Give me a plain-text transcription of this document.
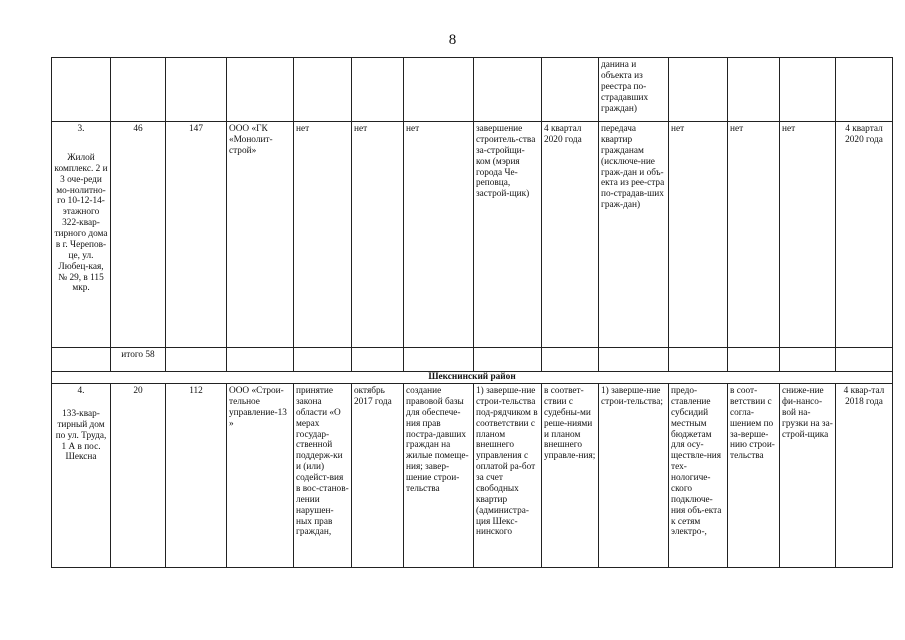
8
									данина и объекта из реестра по-страдавших граждан)				

3.
Жилой комплекс. 2 и 3 оче-реди мо-нолитно-го 10-12-14-этажного 322-квар-тирного дома в г. Черепов-це, ул. Любец-кая, № 29, в 115 мкр.	46	147	ООО «ГК «Монолит-строй»	нет	нет	нет	завершение строитель-ства за-стройщи-ком (мэрия города Че-реповца, застрой-щик)	4 квартал 2020 года	передача квартир гражданам (исключе-ние граж-дан и объ-екта из рее-стра по-страдав-ших граж-дан)	нет	нет	нет	4 квартал 2020 года
	итого 58												
Шекснинский район													

4.
133-квар-тирный дом по ул. Труда, 1 А в пос. Шексна	20	112	ООО «Строи-тельное управление-13»	принятие закона области «О мерах государ-ственной поддерж-ки и (или) содейст-вия в вос-станов-лении нарушен-ных прав граждан,	октябрь 2017 года	создание правовой базы для обеспече-ния прав постра-давших граждан на жилые помеще-ния; завер-шение строи-тельства	1) заверше-ние строи-тельства под-рядчиком в соответствии с планом внешнего управления с оплатой ра-бот за счет свободных квартир (администра-ция Шекс-нинского	в соответ-ствии с судебны-ми реше-ниями и планом внешнего управле-ния;	1) заверше-ние строи-тельства;	предо-ставление субсидий местным бюджетам для осу-ществле-ния тех-нологиче-ского подключе-ния объ-екта к сетям электро-,	в соот-ветствии с согла-шением по за-верше-нию строи-тельства	сниже-ние фи-нансо-вой на-грузки на за-строй-щика	4 квар-тал 2018 года
